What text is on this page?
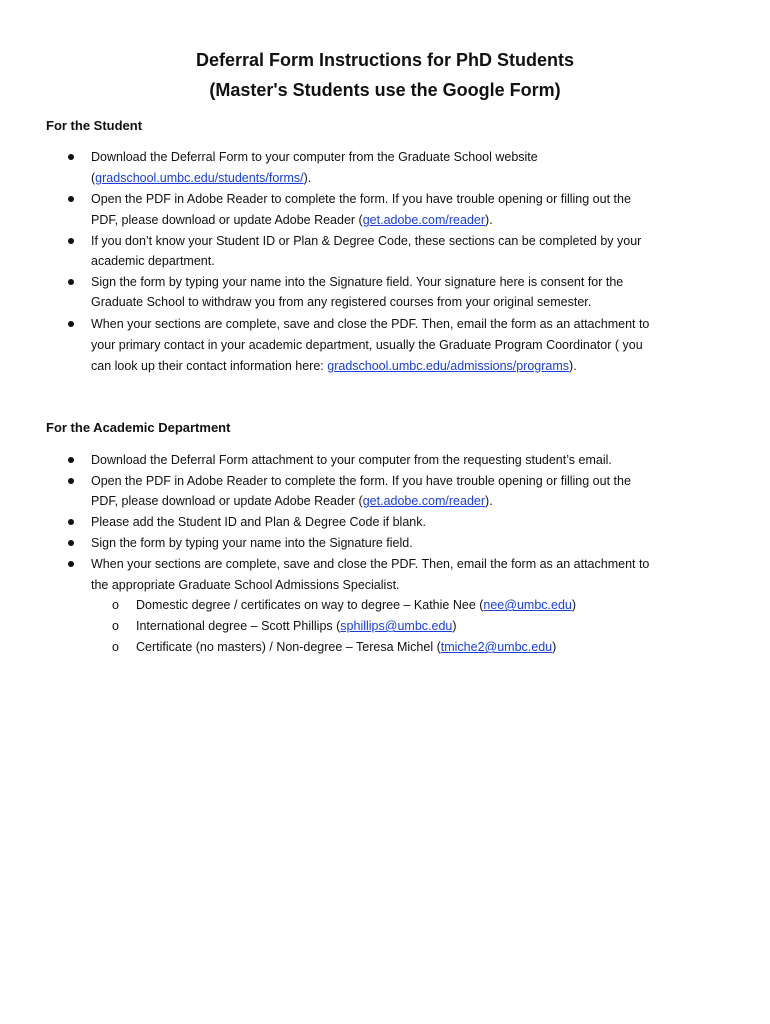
Deferral Form Instructions for PhD Students
(Master's Students use the Google Form)
For the Student
Download the Deferral Form to your computer from the Graduate School website
(gradschool.umbc.edu/students/forms/).
Open the PDF in Adobe Reader to complete the form. If you have trouble opening or filling out the
PDF, please download or update Adobe Reader (get.adobe.com/reader).
If you don’t know your Student ID or Plan & Degree Code, these sections can be completed by your
academic department.
Sign the form by typing your name into the Signature field. Your signature here is consent for the
Graduate School to withdraw you from any registered courses from your original semester.
When your sections are complete, save and close the PDF. Then, email the form as an attachment to
your primary contact in your academic department, usually the Graduate Program Coordinator ( you
can look up their contact information here: gradschool.umbc.edu/admissions/programs).
For the Academic Department
Download the Deferral Form attachment to your computer from the requesting student’s email.
Open the PDF in Adobe Reader to complete the form. If you have trouble opening or filling out the
PDF, please download or update Adobe Reader (get.adobe.com/reader).
Please add the Student ID and Plan & Degree Code if blank.
Sign the form by typing your name into the Signature field.
When your sections are complete, save and close the PDF. Then, email the form as an attachment to
the appropriate Graduate School Admissions Specialist.
o Domestic degree / certificates on way to degree – Kathie Nee (nee@umbc.edu)
o International degree – Scott Phillips (sphillips@umbc.edu)
o Certificate (no masters) / Non-degree – Teresa Michel (tmiche2@umbc.edu)
